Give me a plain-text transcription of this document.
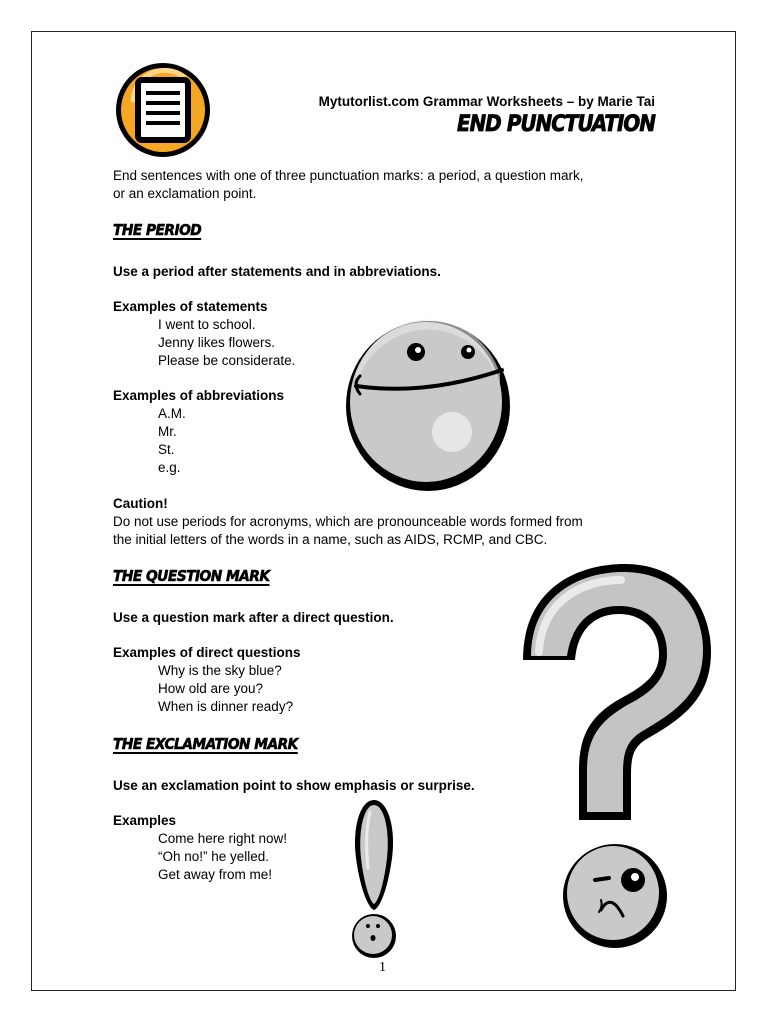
Mytutorlist.com Grammar Worksheets – by Marie Tai
END PUNCTUATION
End sentences with one of three punctuation marks: a period, a question mark,
or an exclamation point.
THE PERIOD
Use a period after statements and in abbreviations.
Examples of statements
I went to school.
Jenny likes flowers.
Please be considerate.
Examples of abbreviations
A.M.
Mr.
St.
e.g.
Caution!
Do not use periods for acronyms, which are pronounceable words formed from
the initial letters of the words in a name, such as AIDS, RCMP, and CBC.
THE QUESTION MARK
Use a question mark after a direct question.
Examples of direct questions
Why is the sky blue?
How old are you?
When is dinner ready?
THE EXCLAMATION MARK
Use an exclamation point to show emphasis or surprise.
Examples
Come here right now!
“Oh no!” he yelled.
Get away from me!
1
